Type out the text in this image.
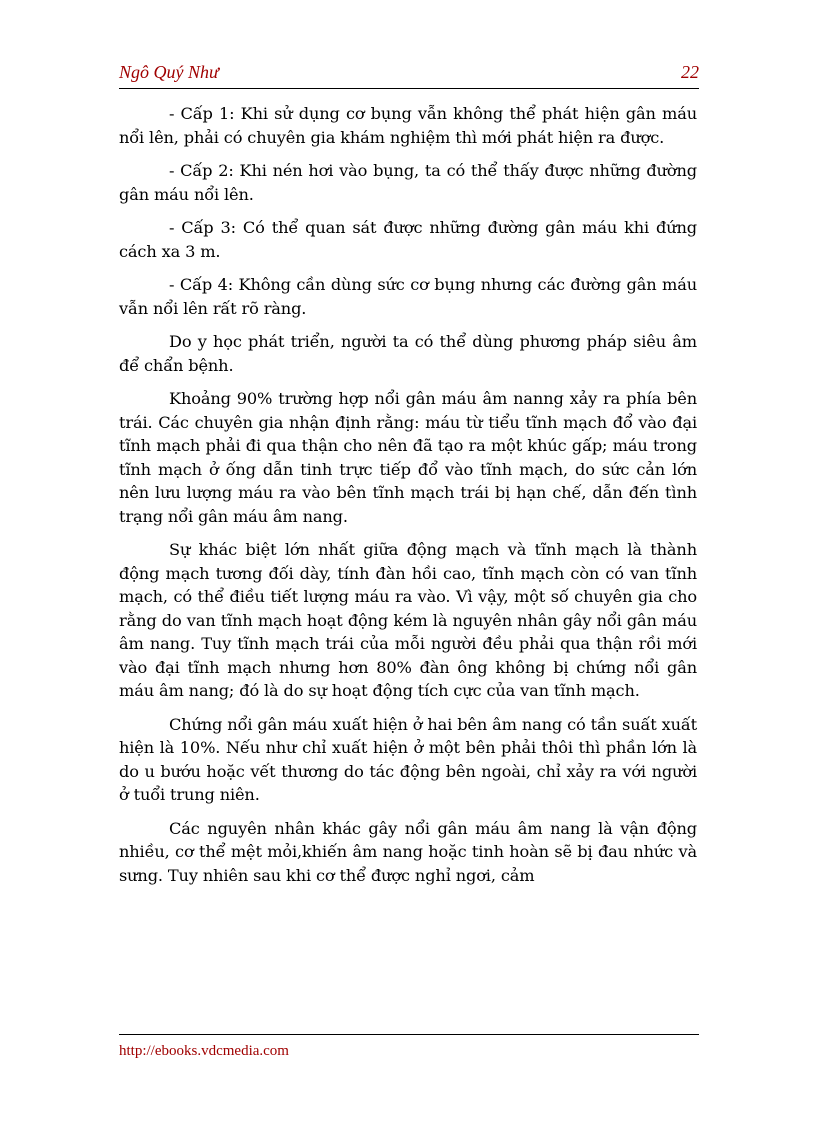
Ngô Quý Như	22

- Cấp 1: Khi sử dụng cơ bụng vẫn không thể phát hiện gân máu nổi lên, phải có chuyên gia khám nghiệm thì mới phát hiện ra được.

- Cấp 2: Khi nén hơi vào bụng, ta có thể thấy được những đường gân máu nổi lên.

- Cấp 3: Có thể quan sát được những đường gân máu khi đứng cách xa 3 m.

- Cấp 4: Không cần dùng sức cơ bụng nhưng các đường gân máu vẫn nổi lên rất rõ ràng.

Do y học phát triển, người ta có thể dùng phương pháp siêu âm để chẩn bệnh.

Khoảng 90% trường hợp nổi gân máu âm nanng xảy ra phía bên trái. Các chuyên gia nhận định rằng: máu từ tiểu tĩnh mạch đổ vào đại tĩnh mạch phải đi qua thận cho nên đã tạo ra một khúc gấp; máu trong tĩnh mạch ở ống dẫn tinh trực tiếp đổ vào tĩnh mạch, do sức cản lớn nên lưu lượng máu ra vào bên tĩnh mạch trái bị hạn chế, dẫn đến tình trạng nổi gân máu âm nang.

Sự khác biệt lớn nhất giữa động mạch và tĩnh mạch là thành động mạch tương đối dày, tính đàn hồi cao, tĩnh mạch còn có van tĩnh mạch, có thể điều tiết lượng máu ra vào. Vì vậy, một số chuyên gia cho rằng do van tĩnh mạch hoạt động kém là nguyên nhân gây nổi gân máu âm nang. Tuy tĩnh mạch trái của mỗi người đều phải qua thận rồi mới vào đại tĩnh mạch nhưng hơn 80% đàn ông không bị chứng nổi gân máu âm nang; đó là do sự hoạt động tích cực của van tĩnh mạch.

Chứng nổi gân máu xuất hiện ở hai bên âm nang có tần suất xuất hiện là 10%. Nếu như chỉ xuất hiện ở một bên phải thôi thì phần lớn là do u bướu hoặc vết thương do tác động bên ngoài, chỉ xảy ra với người ở tuổi trung niên.

Các nguyên nhân khác gây nổi gân máu âm nang là vận động nhiều, cơ thể mệt mỏi,khiến âm nang hoặc tinh hoàn sẽ bị đau nhức và sưng. Tuy nhiên sau khi cơ thể được nghỉ ngơi, cảm

http://ebooks.vdcmedia.com
